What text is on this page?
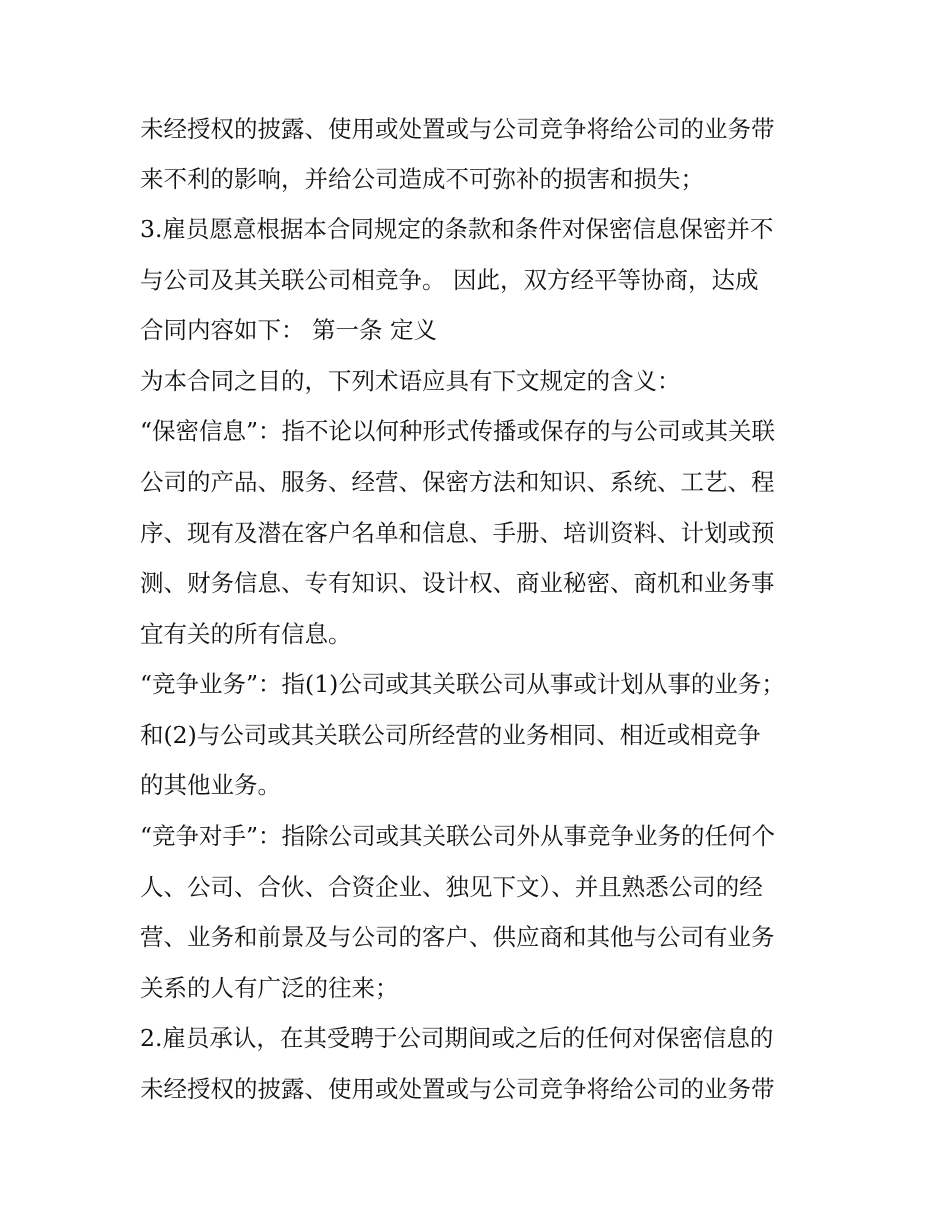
未经授权的披露、使用或处置或与公司竞争将给公司的业务带

来不利的影响，并给公司造成不可弥补的损害和损失；

3.雇员愿意根据本合同规定的条款和条件对保密信息保密并不

与公司及其关联公司相竞争。 因此，双方经平等协商，达成

合同内容如下： 第一条 定义

为本合同之目的，下列术语应具有下文规定的含义：

“保密信息”：指不论以何种形式传播或保存的与公司或其关联

公司的产品、服务、经营、保密方法和知识、系统、工艺、程

序、现有及潜在客户名单和信息、手册、培训资料、计划或预

测、财务信息、专有知识、设计权、商业秘密、商机和业务事

宜有关的所有信息。

“竞争业务”：指(1)公司或其关联公司从事或计划从事的业务；

和(2)与公司或其关联公司所经营的业务相同、相近或相竞争

的其他业务。

“竞争对手”：指除公司或其关联公司外从事竞争业务的任何个

人、公司、合伙、合资企业、独见下文）、并且熟悉公司的经

营、业务和前景及与公司的客户、供应商和其他与公司有业务

关系的人有广泛的往来；

2.雇员承认，在其受聘于公司期间或之后的任何对保密信息的

未经授权的披露、使用或处置或与公司竞争将给公司的业务带
